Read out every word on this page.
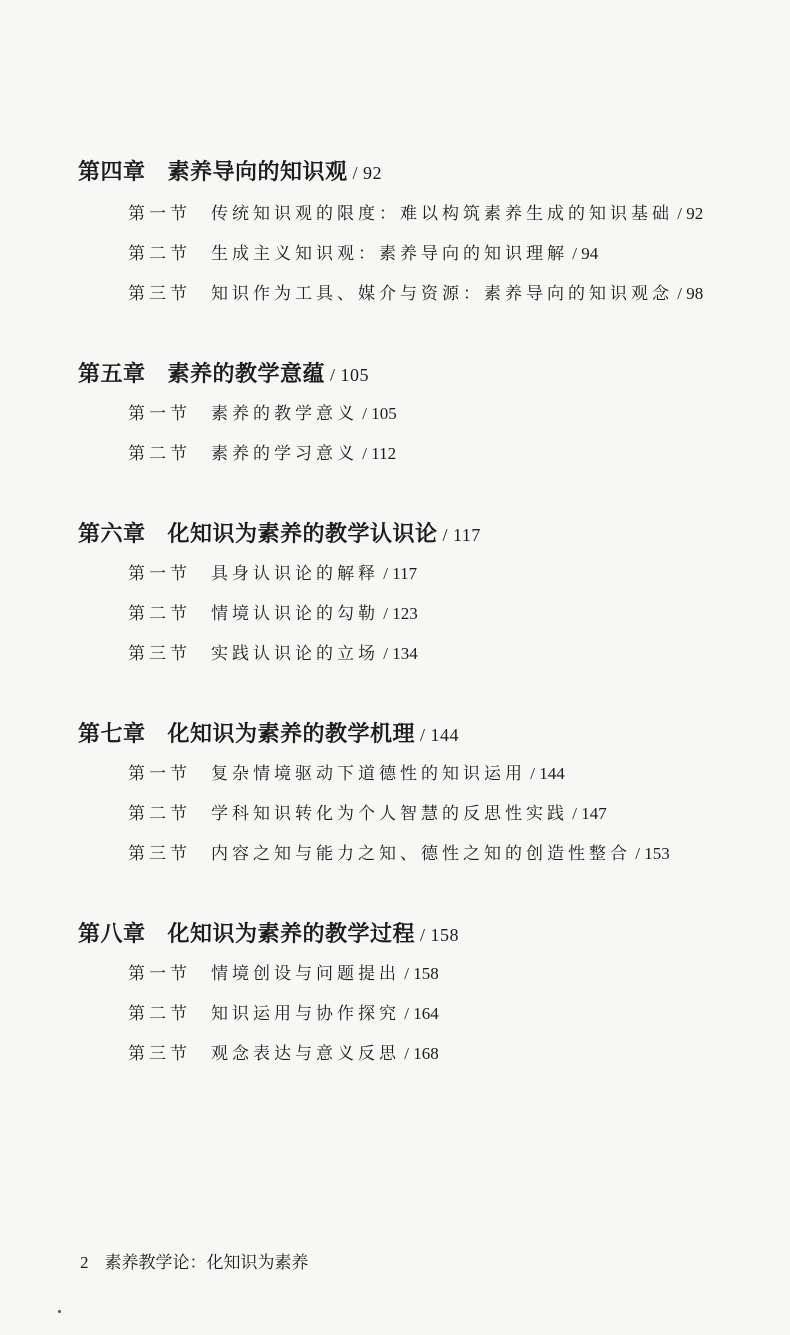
第四章 素养导向的知识观 / 92
第一节 传统知识观的限度：难以构筑素养生成的知识基础 / 92
第二节 生成主义知识观：素养导向的知识理解 / 94
第三节 知识作为工具、媒介与资源：素养导向的知识观念 / 98
第五章 素养的教学意蕴 / 105
第一节 素养的教学意义 / 105
第二节 素养的学习意义 / 112
第六章 化知识为素养的教学认识论 / 117
第一节 具身认识论的解释 / 117
第二节 情境认识论的勾勒 / 123
第三节 实践认识论的立场 / 134
第七章 化知识为素养的教学机理 / 144
第一节 复杂情境驱动下道德性的知识运用 / 144
第二节 学科知识转化为个人智慧的反思性实践 / 147
第三节 内容之知与能力之知、德性之知的创造性整合 / 153
第八章 化知识为素养的教学过程 / 158
第一节 情境创设与问题提出 / 158
第二节 知识运用与协作探究 / 164
第三节 观念表达与意义反思 / 168
2 素养教学论：化知识为素养
